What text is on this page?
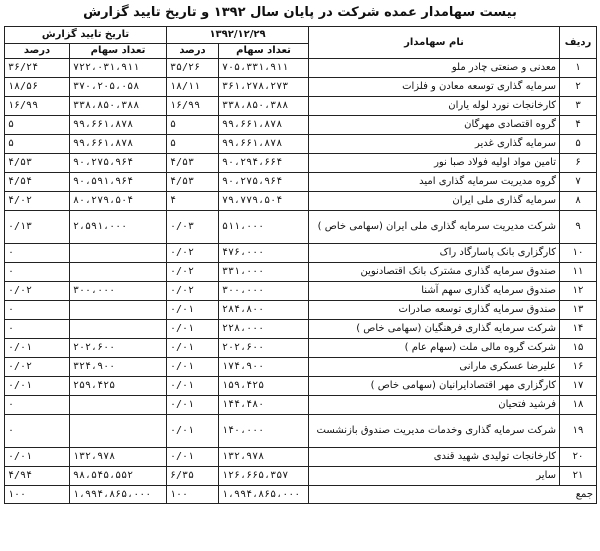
بیست سهامدار عمده شرکت در پایان سال ۱۳۹۲ و تاریخ تایید گزارش
ردیف	نام سهامدار	۱۳۹۲/۱۲/۲۹		تاریخ تایید گزارش	
		تعداد سهام	درصد	تعداد سهام	درصد
۱	معدنی و صنعتی چادر ملو	۷۰۵،۳۳۱،۹۱۱	۳۵/۲۶	۷۲۲،۰۳۱،۹۱۱	۳۶/۲۴
۲	سرمایه گذاری توسعه معادن و فلزات	۳۶۱،۲۷۸،۲۷۳	۱۸/۱۱	۳۷۰،۲۰۵،۰۵۸	۱۸/۵۶
۳	کارخانجات نورد لوله یاران	۳۳۸،۸۵۰،۳۸۸	۱۶/۹۹	۳۳۸،۸۵۰،۳۸۸	۱۶/۹۹
۴	گروه اقتصادی مهرگان	۹۹،۶۶۱،۸۷۸	۵	۹۹،۶۶۱،۸۷۸	۵
۵	سرمایه گذاری غدیر	۹۹،۶۶۱،۸۷۸	۵	۹۹،۶۶۱،۸۷۸	۵
۶	تامین مواد اولیه فولاد صبا نور	۹۰،۲۹۴،۶۶۴	۴/۵۳	۹۰،۲۷۵،۹۶۴	۴/۵۳
۷	گروه مدیریت سرمایه گذاری امید	۹۰،۲۷۵،۹۶۴	۴/۵۳	۹۰،۵۹۱،۹۶۴	۴/۵۴
۸	سرمایه گذاری ملی ایران	۷۹،۷۷۹،۵۰۴	۴	۸۰،۲۷۹،۵۰۴	۴/۰۲
۹	شرکت مدیریت سرمایه گذاری ملی ایران (سهامی خاص )	۵۱۱،۰۰۰	۰/۰۳	۲،۵۹۱،۰۰۰	۰/۱۳
۱۰	کارگزاری بانک پاسارگاد راک	۴۷۶،۰۰۰	۰/۰۲		۰
۱۱	صندوق سرمایه گذاری مشترک بانک اقتصادنوین	۳۳۱،۰۰۰	۰/۰۲		۰
۱۲	صندوق سرمایه گذاری سهم آشنا	۳۰۰،۰۰۰	۰/۰۲	۳۰۰،۰۰۰	۰/۰۲
۱۳	صندوق سرمایه گذاری توسعه صادرات	۲۸۴،۸۰۰	۰/۰۱		۰
۱۴	شرکت سرمایه گذاری فرهنگیان (سهامی خاص )	۲۲۸،۰۰۰	۰/۰۱		۰
۱۵	شرکت گروه مالی ملت (سهام عام )	۲۰۲،۶۰۰	۰/۰۱	۲۰۲،۶۰۰	۰/۰۱
۱۶	علیرضا عسکری مارانی	۱۷۴،۹۰۰	۰/۰۱	۳۲۴،۹۰۰	۰/۰۲
۱۷	کارگزاری مهر اقتصادایرانیان (سهامی خاص )	۱۵۹،۴۲۵	۰/۰۱	۲۵۹،۴۲۵	۰/۰۱
۱۸	فرشید فتحیان	۱۴۴،۴۸۰	۰/۰۱		۰
۱۹	شرکت سرمایه گذاری وخدمات مدیریت صندوق بازنشست	۱۴۰،۰۰۰	۰/۰۱		۰
۲۰	کارخانجات تولیدی شهید قندی	۱۳۲،۹۷۸	۰/۰۱	۱۳۲،۹۷۸	۰/۰۱
۲۱	سایر	۱۲۶،۶۶۵،۳۵۷	۶/۳۵	۹۸،۵۴۵،۵۵۲	۴/۹۴
جمع		۱،۹۹۴،۸۶۵،۰۰۰	۱۰۰	۱،۹۹۴،۸۶۵،۰۰۰	۱۰۰
